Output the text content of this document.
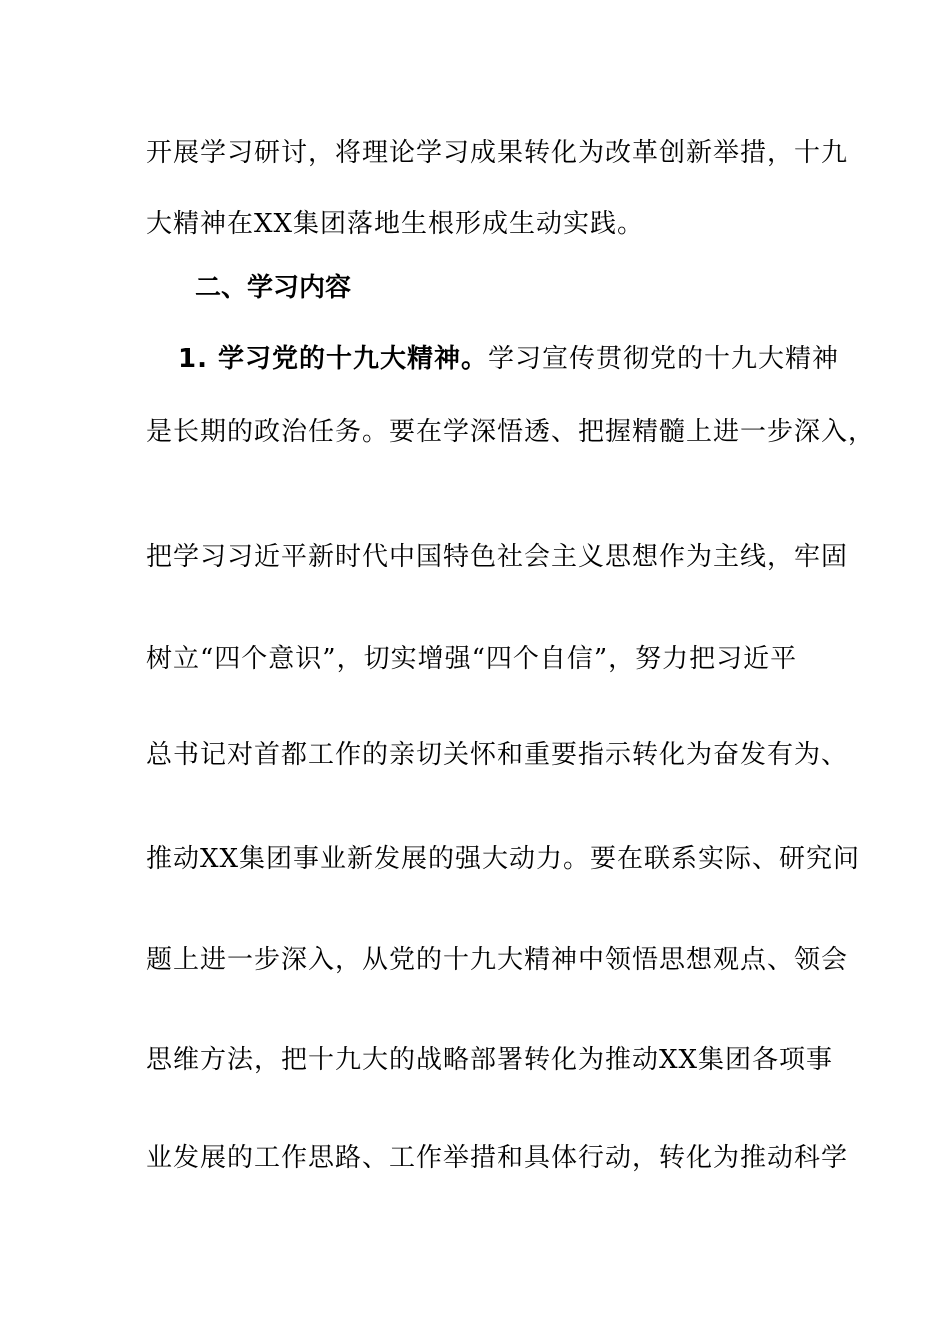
开展学习研讨，将理论学习成果转化为改革创新举措，十九
大精神在XX集团落地生根形成生动实践。
二、学习内容
1. 学习党的十九大精神。学习宣传贯彻党的十九大精神
是长期的政治任务。要在学深悟透、把握精髓上进一步深入，
把学习习近平新时代中国特色社会主义思想作为主线，牢固
树立“四个意识”，切实增强“四个自信”，努力把习近平
总书记对首都工作的亲切关怀和重要指示转化为奋发有为、
推动XX集团事业新发展的强大动力。要在联系实际、研究问
题上进一步深入，从党的十九大精神中领悟思想观点、领会
思维方法，把十九大的战略部署转化为推动XX集团各项事
业发展的工作思路、工作举措和具体行动，转化为推动科学
